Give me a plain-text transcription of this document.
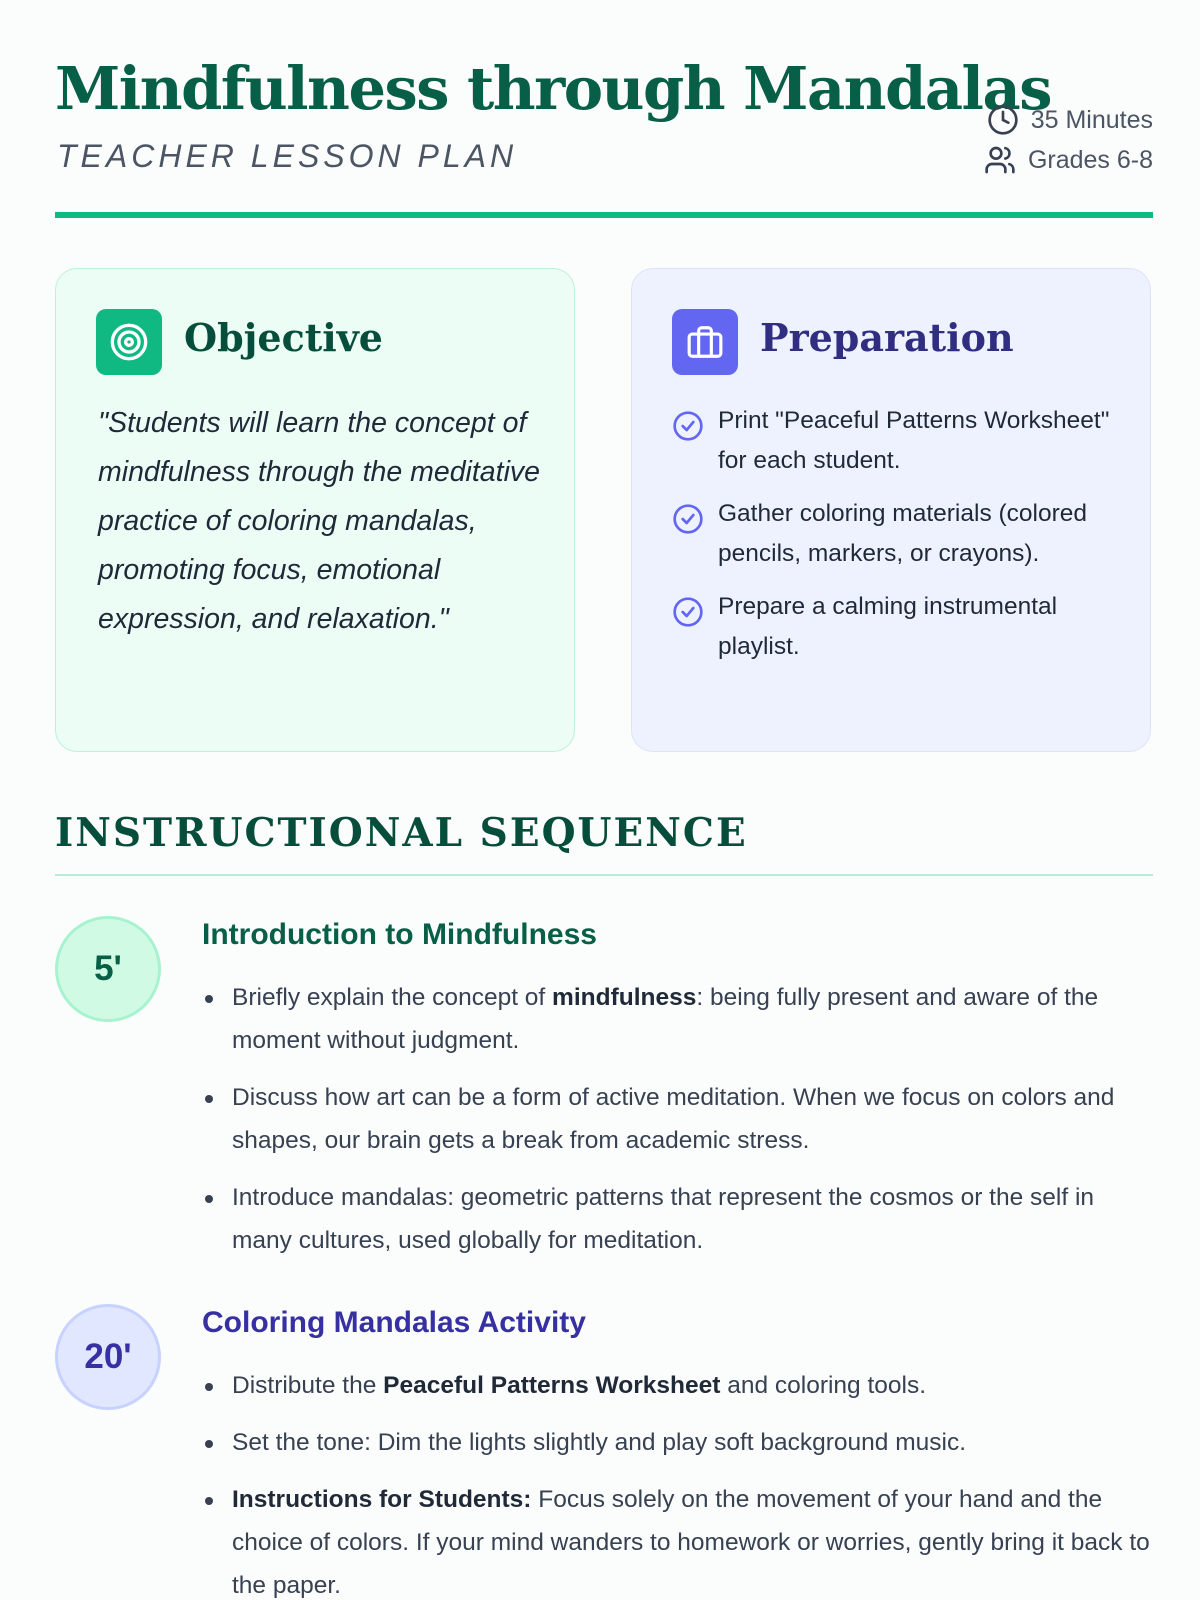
Mindfulness through Mandalas
TEACHER LESSON PLAN
35 Minutes
Grades 6-8
Objective

"Students will learn the concept of mindfulness through the meditative practice of coloring mandalas, promoting focus, emotional expression, and relaxation."

Preparation
Print "Peaceful Patterns Worksheet" for each student.
Gather coloring materials (colored pencils, markers, or crayons).
Prepare a calming instrumental playlist.
INSTRUCTIONAL SEQUENCE
5'
Introduction to Mindfulness
Briefly explain the concept of mindfulness: being fully present and aware of the moment without judgment.
Discuss how art can be a form of active meditation. When we focus on colors and shapes, our brain gets a break from academic stress.
Introduce mandalas: geometric patterns that represent the cosmos or the self in many cultures, used globally for meditation.
20'
Coloring Mandalas Activity
Distribute the Peaceful Patterns Worksheet and coloring tools.
Set the tone: Dim the lights slightly and play soft background music.
Instructions for Students: Focus solely on the movement of your hand and the choice of colors. If your mind wanders to homework or worries, gently bring it back to the paper.
